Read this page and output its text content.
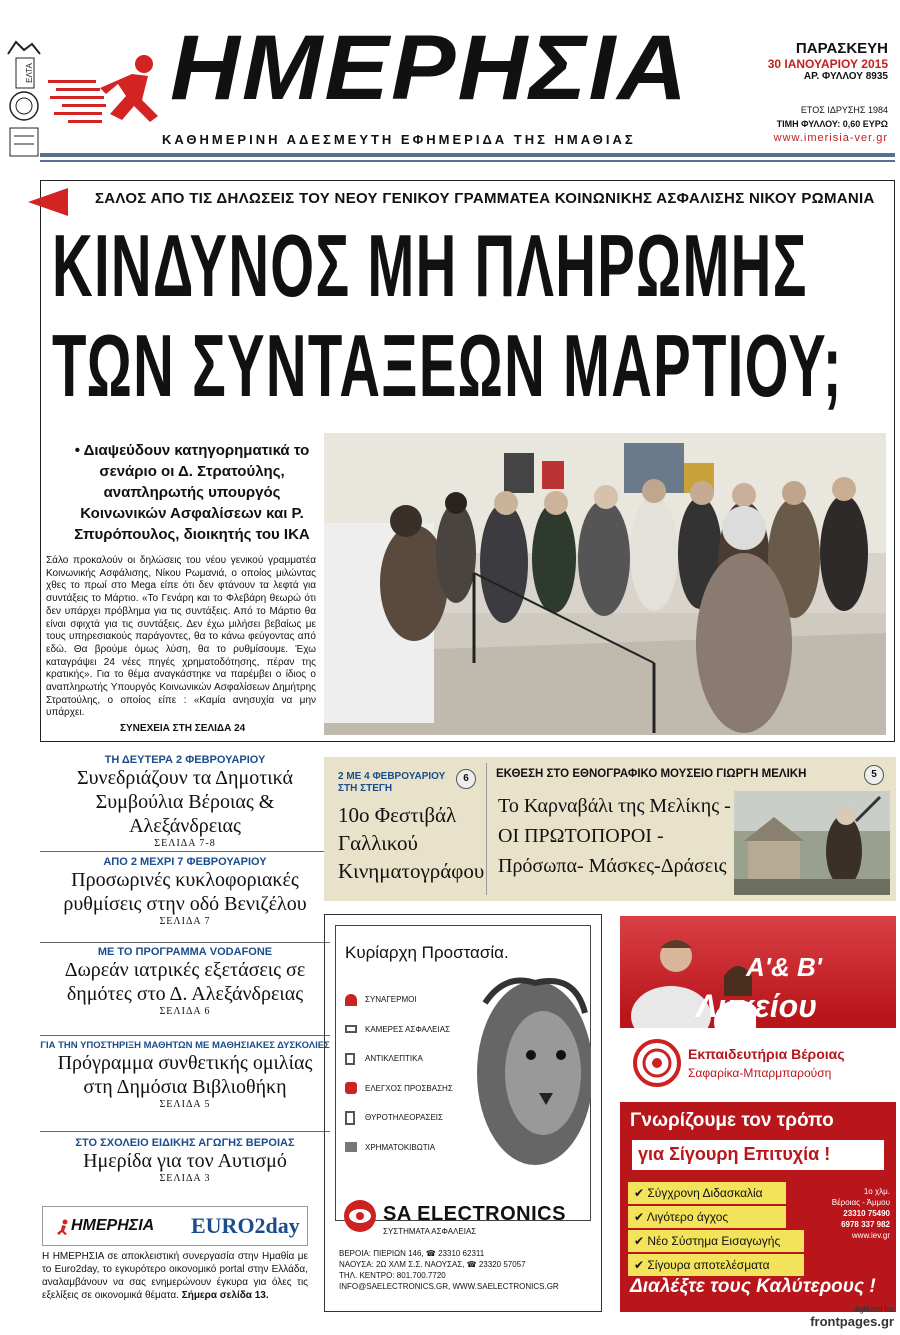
ΕΛΤΑ ΗΜΕΡΗΣΙΑ
ΚΑΘΗΜΕΡΙΝΗ ΑΔΕΣΜΕΥΤΗ ΕΦΗΜΕΡΙΔΑ ΤΗΣ ΗΜΑΘΙΑΣ
ΠΑΡΑΣΚΕΥΗ
30 ΙΑΝΟΥΑΡΙΟΥ 2015
ΑΡ. ΦΥΛΛΟΥ 8935
ΕΤΟΣ ΙΔΡΥΣΗΣ 1984
ΤΙΜΗ ΦΥΛΛΟΥ: 0,60 ΕΥΡΩ
www.imerisia-ver.gr
ΣΑΛΟΣ ΑΠΟ ΤΙΣ ΔΗΛΩΣΕΙΣ ΤΟΥ ΝΕΟΥ ΓΕΝΙΚΟΥ ΓΡΑΜΜΑΤΕΑ ΚΟΙΝΩΝΙΚΗΣ ΑΣΦΑΛΙΣΗΣ ΝΙΚΟΥ ΡΩΜΑΝΙΑ
ΚΙΝΔΥΝΟΣ ΜΗ ΠΛΗΡΩΜΗΣ
ΤΩΝ ΣΥΝΤΑΞΕΩΝ ΜΑΡΤΙΟΥ;
• Διαψεύδουν κατηγορηματικά το σενάριο οι Δ. Στρατούλης, αναπληρωτής υπουργός Κοινωνικών Ασφαλίσεων και Ρ. Σπυρόπουλος, διοικητής του ΙΚΑ
Σάλο προκαλούν οι δηλώσεις του νέου γενικού γραμματέα Κοινωνικής Ασφάλισης, Νίκου Ρωμανιά, ο οποίος μιλώντας χθες το πρωί στο Mega είπε ότι δεν φτάνουν τα λεφτά για συντάξεις το Μάρτιο. «Το Γενάρη και το Φλεβάρη θεωρώ ότι δεν υπάρχει πρόβλημα για τις συντάξεις. Από το Μάρτιο θα είναι σφιχτά για τις συντάξεις. Δεν έχω μιλήσει βεβαίως με τους υπηρεσιακούς παράγοντες, θα το κάνω φεύγοντας από εδώ. Θα βρούμε όμως λύση, θα το ρυθμίσουμε. Έχω καταγράψει 24 νέες πηγές χρηματοδότησης, πέραν της κρατικής». Για το θέμα αναγκάστηκε να παρέμβει ο ίδιος ο αναπληρωτής Υπουργός Κοινωνικών Ασφαλίσεων Δημήτρης Στρατούλης, ο οποίος είπε : «Καμία ανησυχία να μην υπάρχει.
ΣΥΝΕΧΕΙΑ ΣΤΗ ΣΕΛΙΔΑ 24
ΤΗ ΔΕΥΤΕΡΑ 2 ΦΕΒΡΟΥΑΡΙΟΥ
Συνεδριάζουν τα Δημοτικά
Συμβούλια Βέροιας & Αλεξάνδρειας
ΣΕΛΙΔΑ 7-8
ΑΠΟ 2 ΜΕΧΡΙ 7 ΦΕΒΡΟΥΑΡΙΟΥ
Προσωρινές κυκλοφοριακές
ρυθμίσεις στην οδό Βενιζέλου
ΣΕΛΙΔΑ 7
ΜΕ ΤΟ ΠΡΟΓΡΑΜΜΑ VODAFONE
Δωρεάν ιατρικές εξετάσεις σε
δημότες στο Δ. Αλεξάνδρειας
ΣΕΛΙΔΑ 6
ΓΙΑ ΤΗΝ ΥΠΟΣΤΗΡΙΞΗ ΜΑΘΗΤΩΝ ΜΕ ΜΑΘΗΣΙΑΚΕΣ ΔΥΣΚΟΛΙΕΣ
Πρόγραμμα συνθετικής ομιλίας
στη Δημόσια Βιβλιοθήκη
ΣΕΛΙΔΑ 5
ΣΤΟ ΣΧΟΛΕΙΟ ΕΙΔΙΚΗΣ ΑΓΩΓΗΣ ΒΕΡΟΙΑΣ
Ημερίδα για τον Αυτισμό
ΣΕΛΙΔΑ 3
ΗΜΕΡΗΣΙΑ EURO2day
Η ΗΜΕΡΗΣΙΑ σε αποκλειστική συνεργασία στην Ημαθία με το Euro2day, το εγκυρότερο οικονομικό portal στην Ελλάδα, αναλαμβάνουν να σας ενημερώνουν έγκυρα για όλες τις εξελίξεις σε οικονομικά θέματα. Σήμερα σελίδα 13.
2 ΜΕ 4 ΦΕΒΡΟΥΑΡΙΟΥ
ΣΤΗ ΣΤΕΓΗ
6
10ο Φεστιβάλ
Γαλλικού
Κινηματογράφου
ΕΚΘΕΣΗ ΣΤΟ ΕΘΝΟΓΡΑΦΙΚΟ ΜΟΥΣΕΙΟ ΓΙΩΡΓΗ ΜΕΛΙΚΗ	5
Το Καρναβάλι της Μελίκης -
ΟΙ ΠΡΩΤΟΠΟΡΟΙ -
Πρόσωπα- Μάσκες-Δράσεις
Κυρίαρχη Προστασία.
ΣΥΝΑΓΕΡΜΟΙ
ΚΑΜΕΡΕΣ ΑΣΦΑΛΕΙΑΣ
ΑΝΤΙΚΛΕΠΤΙΚΑ
ΕΛΕΓΧΟΣ ΠΡΟΣΒΑΣΗΣ
ΘΥΡΟΤΗΛΕΟΡΑΣΕΙΣ
ΧΡΗΜΑΤΟΚΙΒΩΤΙΑ
SA ELECTRONICS
ΣΥΣΤΗΜΑΤΑ ΑΣΦΑΛΕΙΑΣ
ΒΕΡΟΙΑ: ΠΙΕΡΙΩΝ 146, ☎ 23310 62311
ΝΑΟΥΣΑ: 2Ω ΧΛΜ Σ.Σ. ΝΑΟΥΣΑΣ, ☎ 23320 57057
ΤΗΛ. ΚΕΝΤΡΟ: 801.700.7720
INFO@SAELECTRONICS.GR, WWW.SAELECTRONICS.GR
Α'& Β'
Λυκείου
Εκπαιδευτήρια Βέροιας
Σαφαρίκα-Μπαρμπαρούση
Γνωρίζουμε τον τρόπο
για Σίγουρη Επιτυχία !
✔ Σύγχρονη Διδασκαλία
✔ Λιγότερο άγχος
✔ Νέο Σύστημα Εισαγωγής
✔ Σίγουρα αποτελέσματα
1ο χλμ.
Βέροιας - Άμμου
23310 75490
6978 337 982
www.iev.gr
Διαλέξτε τους Καλύτερους !
digitized for
frontpages.gr
